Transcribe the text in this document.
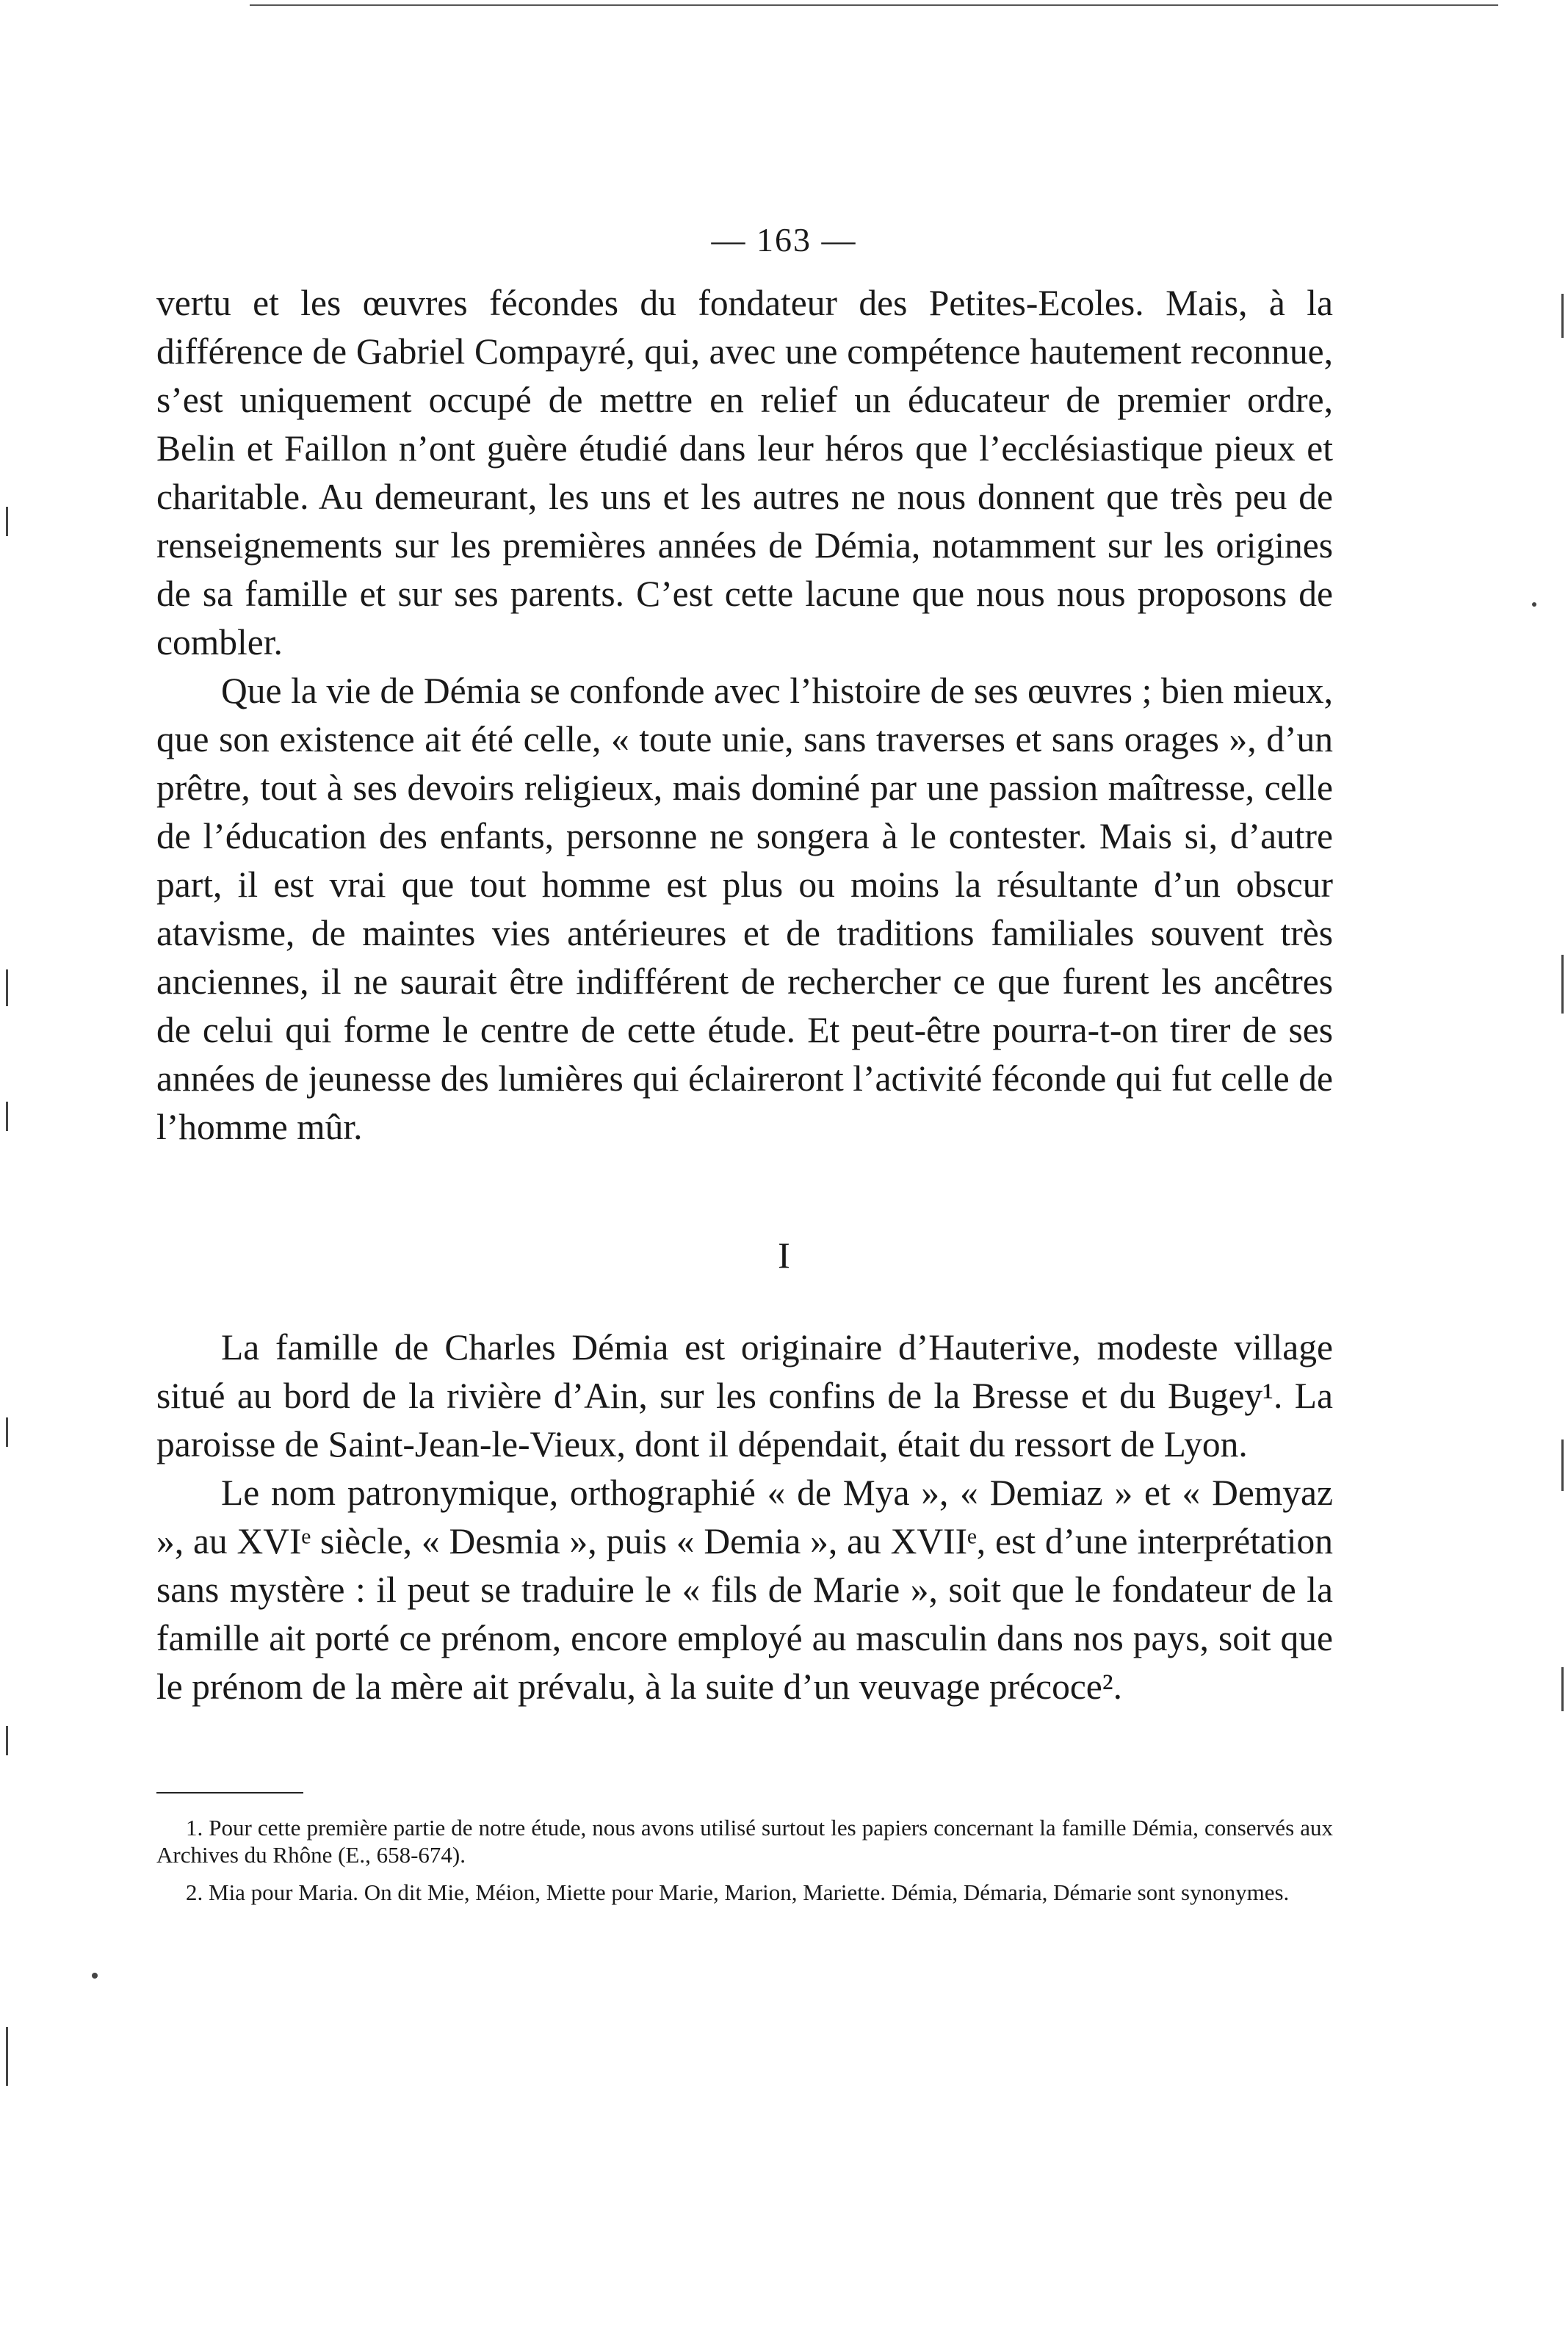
— 163 —

vertu et les œuvres fécondes du fondateur des Petites-Ecoles. Mais, à la différence de Gabriel Compayré, qui, avec une compétence hautement reconnue, s’est uniquement occupé de mettre en relief un éducateur de premier ordre, Belin et Faillon n’ont guère étudié dans leur héros que l’ecclésiastique pieux et charitable. Au demeurant, les uns et les autres ne nous donnent que très peu de renseignements sur les premières années de Démia, notamment sur les origines de sa famille et sur ses parents. C’est cette lacune que nous nous proposons de combler.

Que la vie de Démia se confonde avec l’histoire de ses œuvres ; bien mieux, que son existence ait été celle, « toute unie, sans traverses et sans orages », d’un prêtre, tout à ses devoirs religieux, mais dominé par une passion maîtresse, celle de l’éducation des enfants, personne ne songera à le contester. Mais si, d’autre part, il est vrai que tout homme est plus ou moins la résultante d’un obscur atavisme, de maintes vies antérieures et de traditions familiales souvent très anciennes, il ne saurait être indifférent de rechercher ce que furent les ancêtres de celui qui forme le centre de cette étude. Et peut-être pourra-t-on tirer de ses années de jeunesse des lumières qui éclaireront l’activité féconde qui fut celle de l’homme mûr.

I

La famille de Charles Démia est originaire d’Hauterive, modeste village situé au bord de la rivière d’Ain, sur les confins de la Bresse et du Bugey¹. La paroisse de Saint-Jean-le-Vieux, dont il dépendait, était du ressort de Lyon.

Le nom patronymique, orthographié « de Mya », « Demiaz » et « Demyaz », au XVIᵉ siècle, « Desmia », puis « Demia », au XVIIᵉ, est d’une interprétation sans mystère : il peut se traduire le « fils de Marie », soit que le fondateur de la famille ait porté ce prénom, encore employé au masculin dans nos pays, soit que le prénom de la mère ait prévalu, à la suite d’un veuvage précoce².

1. Pour cette première partie de notre étude, nous avons utilisé surtout les papiers concernant la famille Démia, conservés aux Archives du Rhône (E., 658-674).

2. Mia pour Maria. On dit Mie, Méion, Miette pour Marie, Marion, Mariette. Démia, Démaria, Démarie sont synonymes.
